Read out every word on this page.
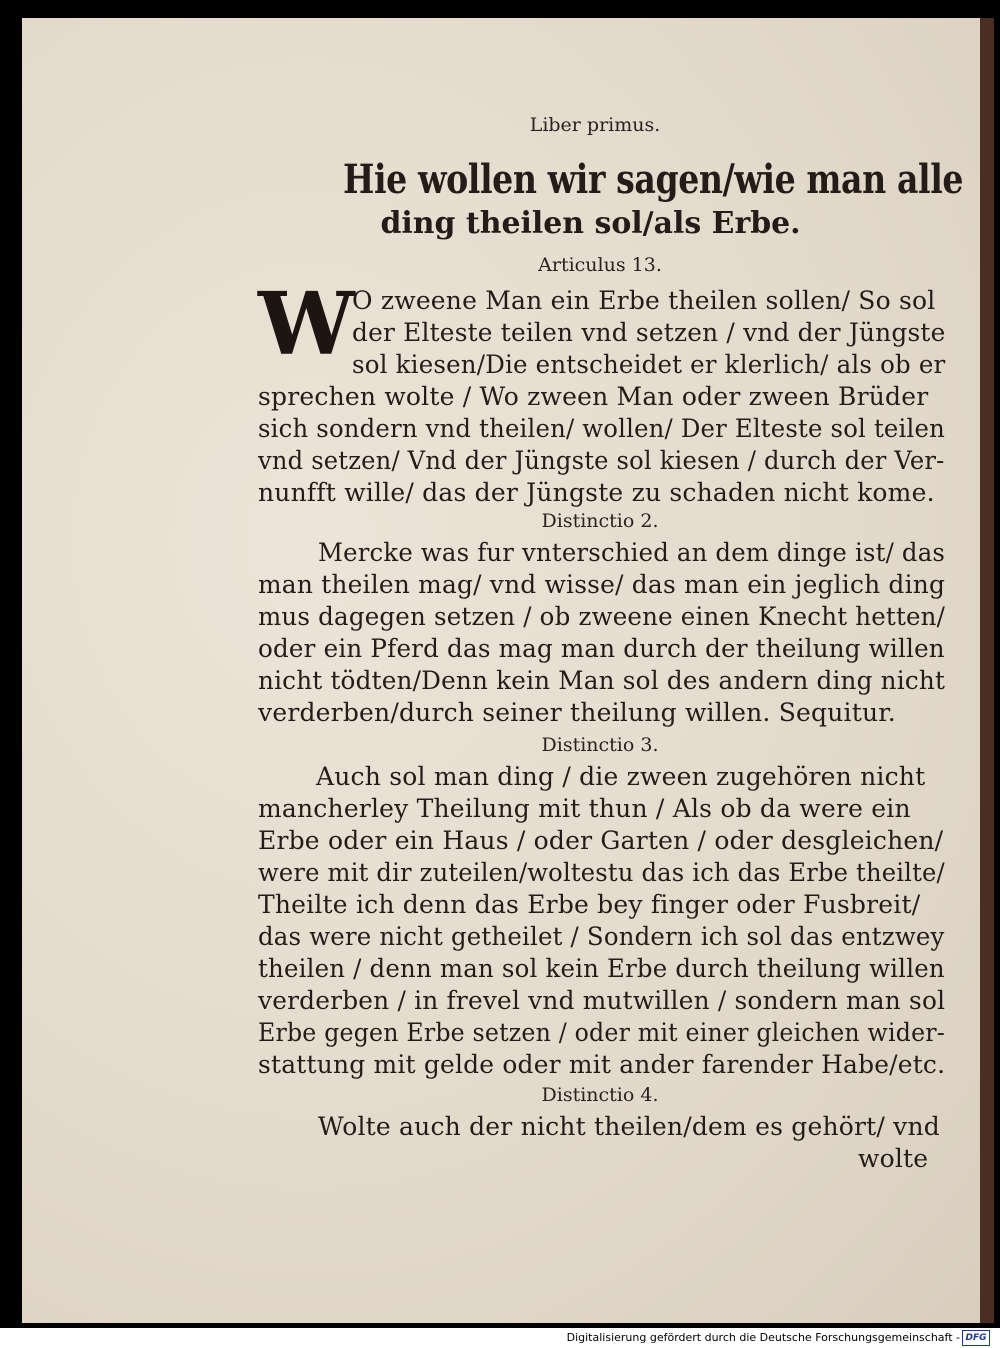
Liber primus.
Hie wollen wir sagen/wie man alle
ding theilen sol/als Erbe.
Articulus 13.
W
O zweene Man ein Erbe theilen sollen/ So sol
der Elteste teilen vnd setzen / vnd der Jüngste
sol kiesen/Die entscheidet er klerlich/ als ob er
sprechen wolte / Wo zween Man oder zween Brüder
sich sondern vnd theilen/ wollen/ Der Elteste sol teilen
vnd setzen/ Vnd der Jüngste sol kiesen / durch der Ver-
nunfft wille/ das der Jüngste zu schaden nicht kome.
Distinctio 2.
Mercke was fur vnterschied an dem dinge ist/ das
man theilen mag/ vnd wisse/ das man ein jeglich ding
mus dagegen setzen / ob zweene einen Knecht hetten/
oder ein Pferd das mag man durch der theilung willen
nicht tödten/Denn kein Man sol des andern ding nicht
verderben/durch seiner theilung willen. Sequitur.
Distinctio 3.
Auch sol man ding / die zween zugehören nicht
mancherley Theilung mit thun / Als ob da were ein
Erbe oder ein Haus / oder Garten / oder desgleichen/
were mit dir zuteilen/woltestu das ich das Erbe theilte/
Theilte ich denn das Erbe bey finger oder Fusbreit/
das were nicht getheilet / Sondern ich sol das entzwey
theilen / denn man sol kein Erbe durch theilung willen
verderben / in frevel vnd mutwillen / sondern man sol
Erbe gegen Erbe setzen / oder mit einer gleichen wider-
stattung mit gelde oder mit ander farender Habe/etc.
Distinctio 4.
Wolte auch der nicht theilen/dem es gehört/ vnd
wolte
Digitalisierung gefördert durch die Deutsche Forschungsgemeinschaft - DFG
